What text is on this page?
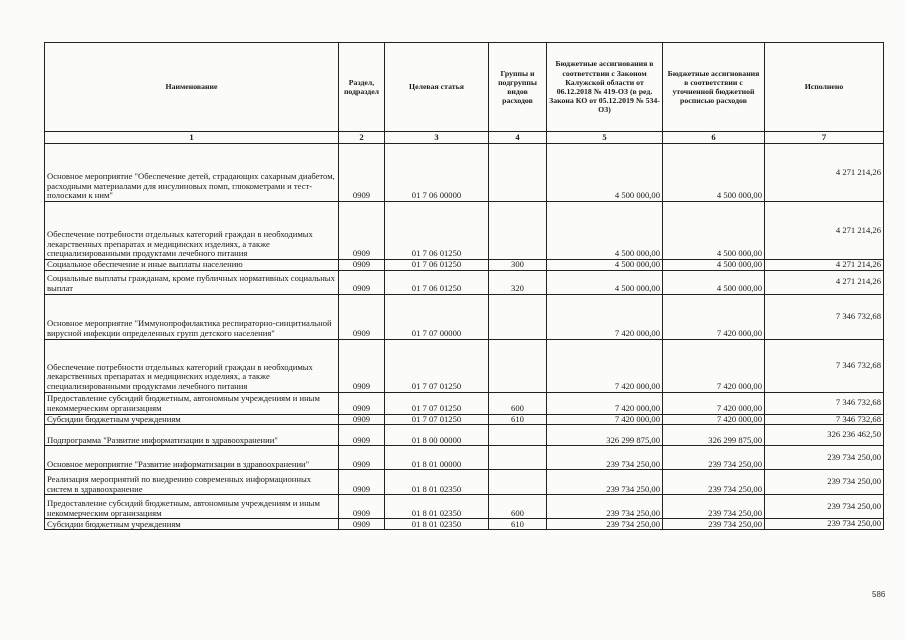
Наименование	Раздел, подраздел	Целевая статья	Группы и подгруппы видов расходов	Бюджетные ассигнования в соответствии с Законом Калужской области от 06.12.2018 № 419-ОЗ (в ред. Закона КО от 05.12.2019 № 534-ОЗ)	Бюджетные ассигнования в соответствии с уточненной бюджетной росписью расходов	Исполнено
1	2	3	4	5	6	7
Основное мероприятие "Обеспечение детей, страдающих сахарным диабетом, расходными материалами для инсулиновых помп, глюкометрами и тест-полосками к ним"	0909	01 7 06 00000		4 500 000,00	4 500 000,00	4 271 214,26
Обеспечение потребности отдельных категорий граждан в необходимых лекарственных препаратах и медицинских изделиях, а также специализированными продуктами лечебного питания	0909	01 7 06 01250		4 500 000,00	4 500 000,00	4 271 214,26
Социальное обеспечение и иные выплаты населению	0909	01 7 06 01250	300	4 500 000,00	4 500 000,00	4 271 214,26
Социальные выплаты гражданам, кроме публичных нормативных социальных выплат	0909	01 7 06 01250	320	4 500 000,00	4 500 000,00	4 271 214,26
Основное мероприятие "Иммунопрофилактика респираторно-синцитиальной вирусной инфекции определенных групп детского населения"	0909	01 7 07 00000		7 420 000,00	7 420 000,00	7 346 732,68
Обеспечение потребности отдельных категорий граждан в необходимых лекарственных препаратах и медицинских изделиях, а также специализированными продуктами лечебного питания	0909	01 7 07 01250		7 420 000,00	7 420 000,00	7 346 732,68
Предоставление субсидий бюджетным, автономным учреждениям и иным некоммерческим организациям	0909	01 7 07 01250	600	7 420 000,00	7 420 000,00	7 346 732,68
Субсидии бюджетным учреждениям	0909	01 7 07 01250	610	7 420 000,00	7 420 000,00	7 346 732,68
Подпрограмма "Развитие информатизации в здравоохранении"	0909	01 8 00 00000		326 299 875,00	326 299 875,00	326 236 462,50
Основное мероприятие "Развитие информатизации в здравоохранении"	0909	01 8 01 00000		239 734 250,00	239 734 250,00	239 734 250,00
Реализация мероприятий по внедрению современных информационных систем в здравоохранение	0909	01 8 01 02350		239 734 250,00	239 734 250,00	239 734 250,00
Предоставление субсидий бюджетным, автономным учреждениям и иным некоммерческим организациям	0909	01 8 01 02350	600	239 734 250,00	239 734 250,00	239 734 250,00
Субсидии бюджетным учреждениям	0909	01 8 01 02350	610	239 734 250,00	239 734 250,00	239 734 250,00
586
